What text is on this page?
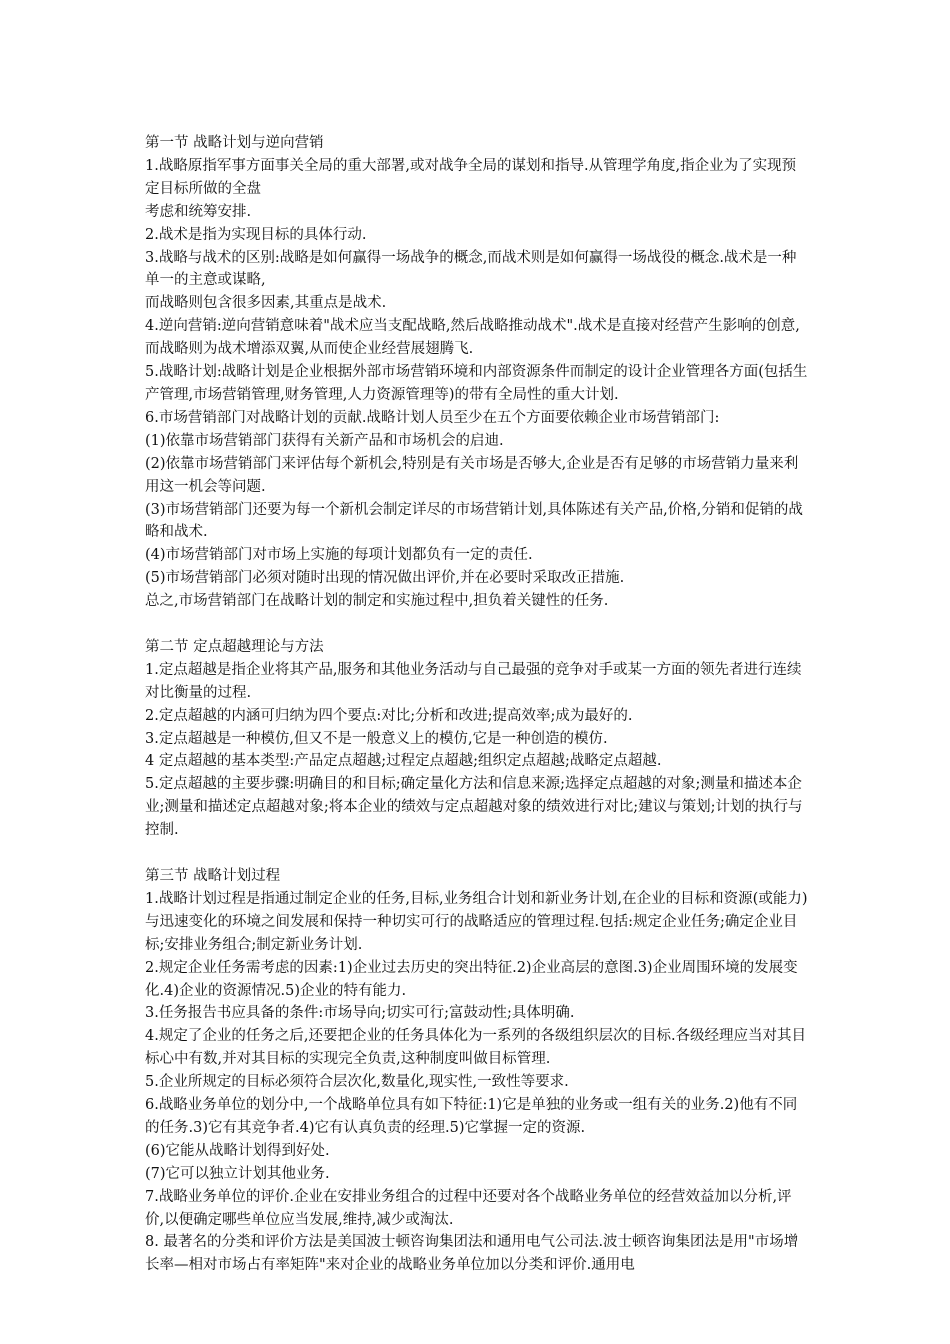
第一节 战略计划与逆向营销
1.战略原指军事方面事关全局的重大部署,或对战争全局的谋划和指导.从管理学角度,指企业为了实现预定目标所做的全盘
考虑和统筹安排.
2.战术是指为实现目标的具体行动.
3.战略与战术的区别:战略是如何赢得一场战争的概念,而战术则是如何赢得一场战役的概念.战术是一种单一的主意或谋略,
而战略则包含很多因素,其重点是战术.
4.逆向营销:逆向营销意味着"战术应当支配战略,然后战略推动战术".战术是直接对经营产生影响的创意,而战略则为战术增添双翼,从而使企业经营展翅腾飞.
5.战略计划:战略计划是企业根据外部市场营销环境和内部资源条件而制定的设计企业管理各方面(包括生产管理,市场营销管理,财务管理,人力资源管理等)的带有全局性的重大计划.
6.市场营销部门对战略计划的贡献.战略计划人员至少在五个方面要依赖企业市场营销部门:
(1)依靠市场营销部门获得有关新产品和市场机会的启迪.
(2)依靠市场营销部门来评估每个新机会,特别是有关市场是否够大,企业是否有足够的市场营销力量来利用这一机会等问题.
(3)市场营销部门还要为每一个新机会制定详尽的市场营销计划,具体陈述有关产品,价格,分销和促销的战略和战术.
(4)市场营销部门对市场上实施的每项计划都负有一定的责任.
(5)市场营销部门必须对随时出现的情况做出评价,并在必要时采取改正措施.
总之,市场营销部门在战略计划的制定和实施过程中,担负着关键性的任务.
第二节 定点超越理论与方法
1.定点超越是指企业将其产品,服务和其他业务活动与自己最强的竞争对手或某一方面的领先者进行连续对比衡量的过程.
2.定点超越的内涵可归纳为四个要点:对比;分析和改进;提高效率;成为最好的.
3.定点超越是一种模仿,但又不是一般意义上的模仿,它是一种创造的模仿.
4 定点超越的基本类型:产品定点超越;过程定点超越;组织定点超越;战略定点超越.
5.定点超越的主要步骤:明确目的和目标;确定量化方法和信息来源;选择定点超越的对象;测量和描述本企业;测量和描述定点超越对象;将本企业的绩效与定点超越对象的绩效进行对比;建议与策划;计划的执行与控制.
第三节 战略计划过程
1.战略计划过程是指通过制定企业的任务,目标,业务组合计划和新业务计划,在企业的目标和资源(或能力)与迅速变化的环境之间发展和保持一种切实可行的战略适应的管理过程.包括:规定企业任务;确定企业目标;安排业务组合;制定新业务计划.
2.规定企业任务需考虑的因素:1)企业过去历史的突出特征.2)企业高层的意图.3)企业周围环境的发展变化.4)企业的资源情况.5)企业的特有能力.
3.任务报告书应具备的条件:市场导向;切实可行;富鼓动性;具体明确.
4.规定了企业的任务之后,还要把企业的任务具体化为一系列的各级组织层次的目标.各级经理应当对其目标心中有数,并对其目标的实现完全负责,这种制度叫做目标管理.
5.企业所规定的目标必须符合层次化,数量化,现实性,一致性等要求.
6.战略业务单位的划分中,一个战略单位具有如下特征:1)它是单独的业务或一组有关的业务.2)他有不同的任务.3)它有其竞争者.4)它有认真负责的经理.5)它掌握一定的资源.
(6)它能从战略计划得到好处.
(7)它可以独立计划其他业务.
7.战略业务单位的评价.企业在安排业务组合的过程中还要对各个战略业务单位的经营效益加以分析,评价,以便确定哪些单位应当发展,维持,减少或淘汰.
8. 最著名的分类和评价方法是美国波士顿咨询集团法和通用电气公司法.波士顿咨询集团法是用"市场增长率—相对市场占有率矩阵"来对企业的战略业务单位加以分类和评价.通用电
